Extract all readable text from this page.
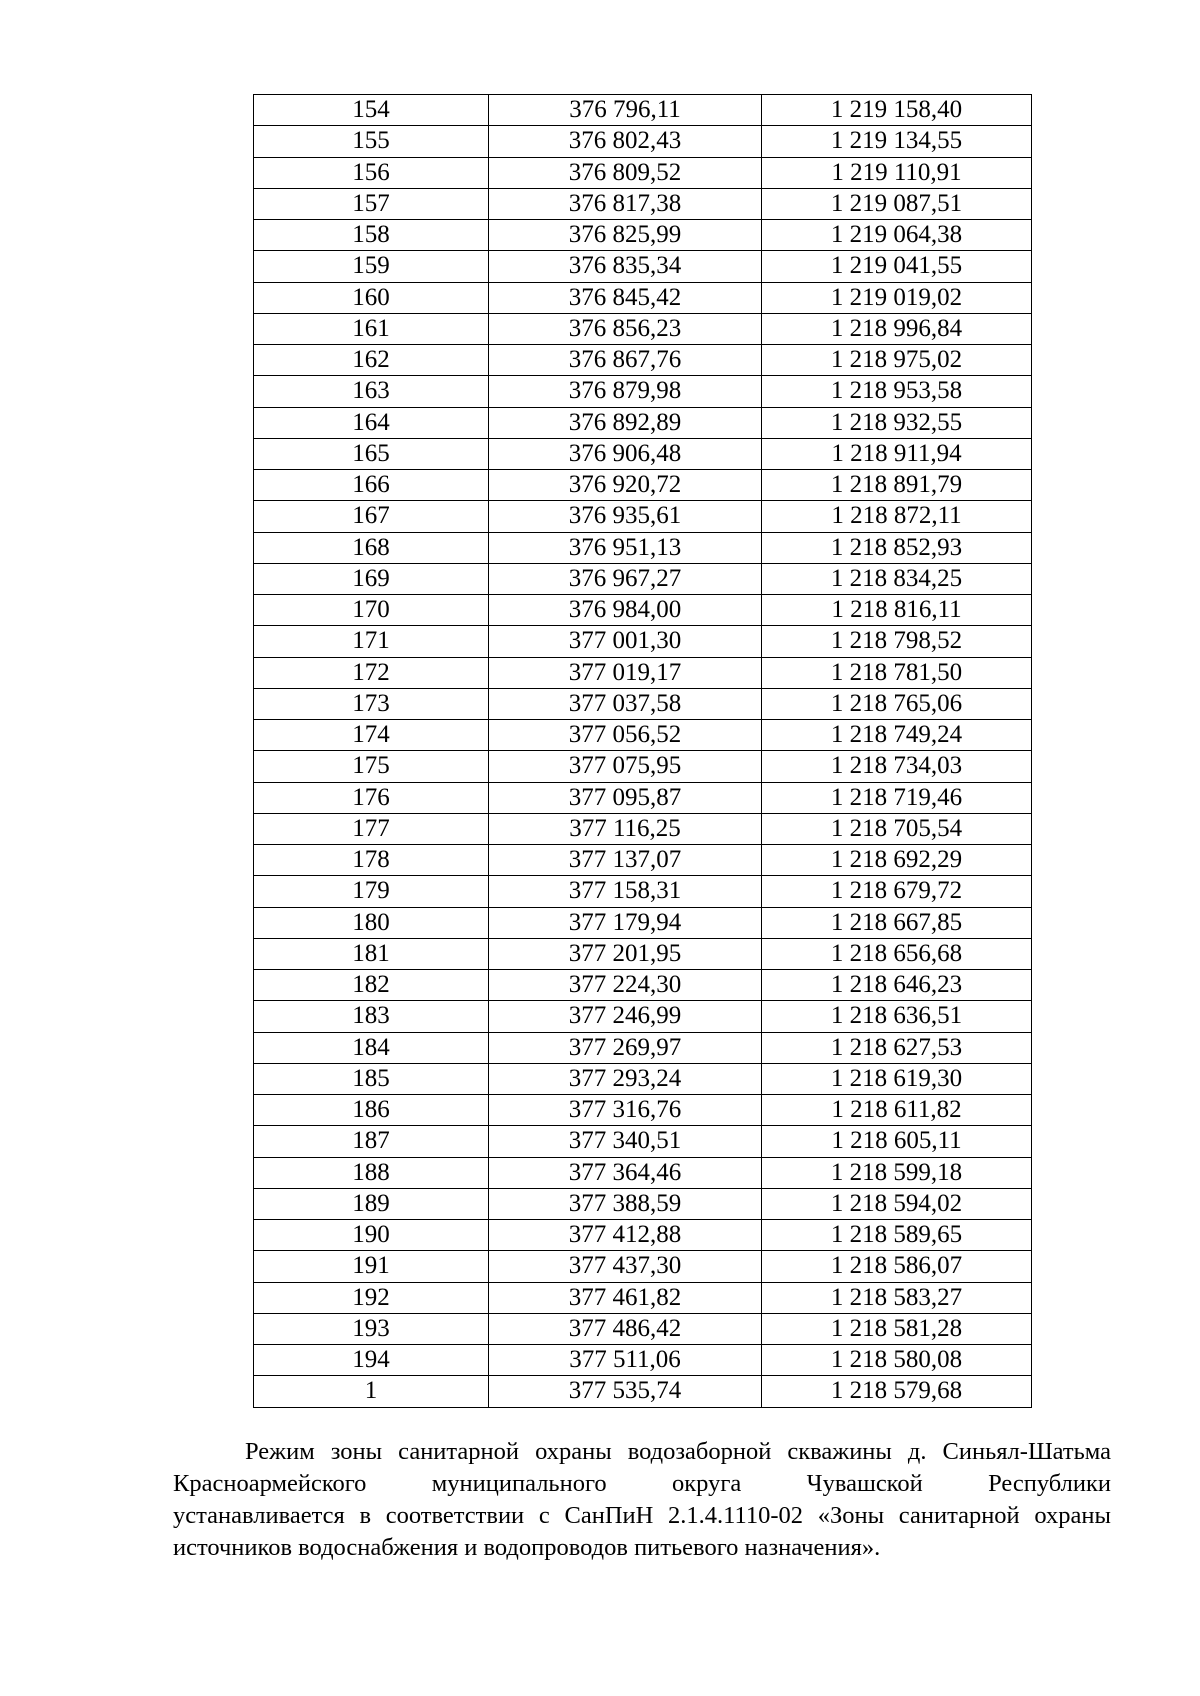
154	376 796,11	1 219 158,40
155	376 802,43	1 219 134,55
156	376 809,52	1 219 110,91
157	376 817,38	1 219 087,51
158	376 825,99	1 219 064,38
159	376 835,34	1 219 041,55
160	376 845,42	1 219 019,02
161	376 856,23	1 218 996,84
162	376 867,76	1 218 975,02
163	376 879,98	1 218 953,58
164	376 892,89	1 218 932,55
165	376 906,48	1 218 911,94
166	376 920,72	1 218 891,79
167	376 935,61	1 218 872,11
168	376 951,13	1 218 852,93
169	376 967,27	1 218 834,25
170	376 984,00	1 218 816,11
171	377 001,30	1 218 798,52
172	377 019,17	1 218 781,50
173	377 037,58	1 218 765,06
174	377 056,52	1 218 749,24
175	377 075,95	1 218 734,03
176	377 095,87	1 218 719,46
177	377 116,25	1 218 705,54
178	377 137,07	1 218 692,29
179	377 158,31	1 218 679,72
180	377 179,94	1 218 667,85
181	377 201,95	1 218 656,68
182	377 224,30	1 218 646,23
183	377 246,99	1 218 636,51
184	377 269,97	1 218 627,53
185	377 293,24	1 218 619,30
186	377 316,76	1 218 611,82
187	377 340,51	1 218 605,11
188	377 364,46	1 218 599,18
189	377 388,59	1 218 594,02
190	377 412,88	1 218 589,65
191	377 437,30	1 218 586,07
192	377 461,82	1 218 583,27
193	377 486,42	1 218 581,28
194	377 511,06	1 218 580,08
1	377 535,74	1 218 579,68

Режим зоны санитарной охраны водозаборной скважины д. Синьял-Шатьма
Красноармейского муниципального округа Чувашской Республики
устанавливается в соответствии с СанПиН 2.1.4.1110-02 «Зоны санитарной охраны
источников водоснабжения и водопроводов питьевого назначения».
